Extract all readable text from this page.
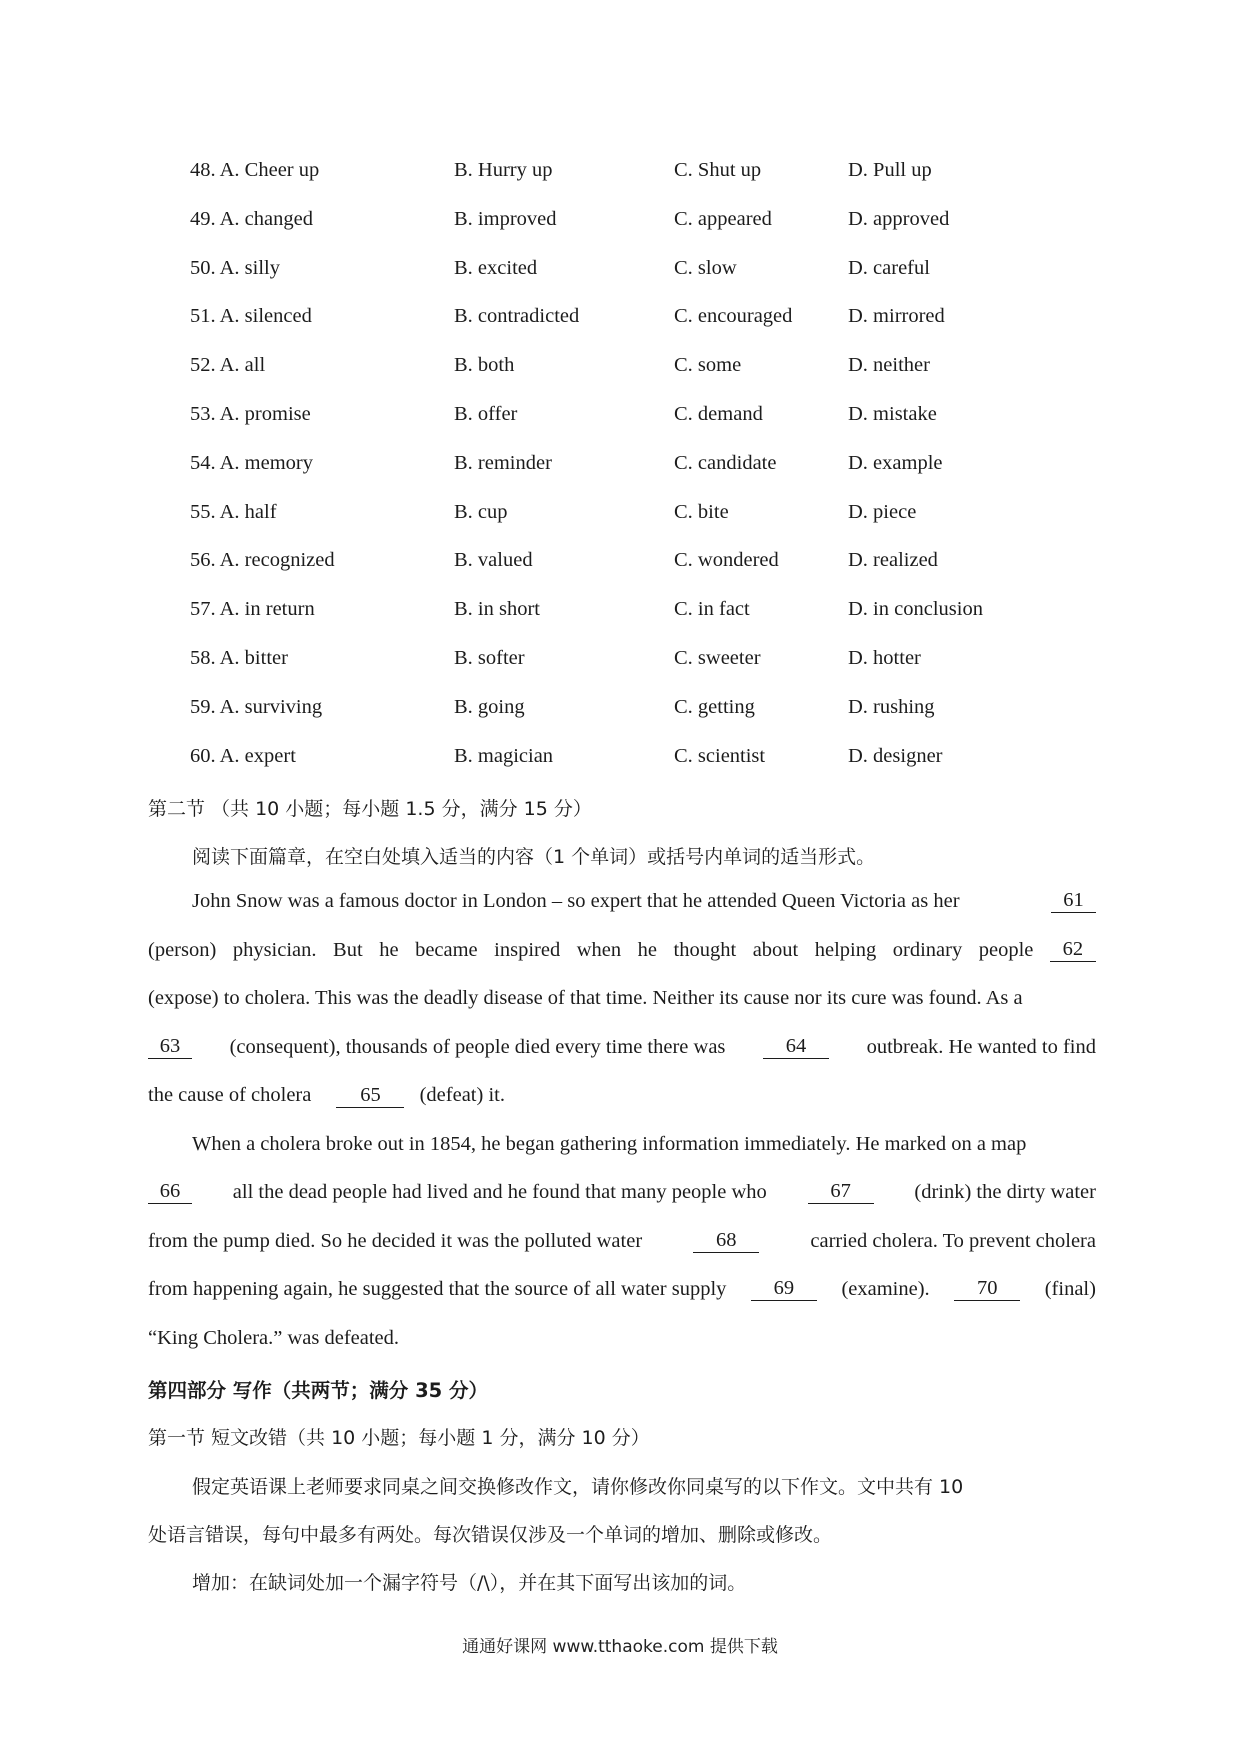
48. A. Cheer up	B. Hurry up	C. Shut up	D. Pull up
49. A. changed	B. improved	C. appeared	D. approved
50. A. silly	B. excited	C. slow	D. careful
51. A. silenced	B. contradicted	C. encouraged	D. mirrored
52. A. all	B. both	C. some	D. neither
53. A. promise	B. offer	C. demand	D. mistake
54. A. memory	B. reminder	C. candidate	D. example
55. A. half	B. cup	C. bite	D. piece
56. A. recognized	B. valued	C. wondered	D. realized
57. A. in return	B. in short	C. in fact	D. in conclusion
58. A. bitter	B. softer	C. sweeter	D. hotter
59. A. surviving	B. going	C. getting	D. rushing
60. A. expert	B. magician	C. scientist	D. designer
第二节 （共 10 小题；每小题 1.5 分，满分 15 分）
阅读下面篇章，在空白处填入适当的内容（1 个单词）或括号内单词的适当形式。
John Snow was a famous doctor in London – so expert that he attended Queen Victoria as her	61
(person) physician. But he became inspired when he thought about helping ordinary people	62
(expose) to cholera. This was the deadly disease of that time. Neither its cause nor its cure was found. As a
63	(consequent), thousands of people died every time there was	64	outbreak. He wanted to find
the cause of cholera 65 (defeat) it.
When a cholera broke out in 1854, he began gathering information immediately. He marked on a map
66	all the dead people had lived and he found that many people who	67	(drink) the dirty water
from the pump died. So he decided it was the polluted water	68	carried cholera. To prevent cholera
from happening again, he suggested that the source of all water supply	69	(examine).	70	(final)
“King Cholera.” was defeated.
第四部分 写作（共两节；满分 35 分）
第一节 短文改错（共 10 小题；每小题 1 分，满分 10 分）
假定英语课上老师要求同桌之间交换修改作文，请你修改你同桌写的以下作文。文中共有 10
处语言错误，每句中最多有两处。每次错误仅涉及一个单词的增加、删除或修改。
增加：在缺词处加一个漏字符号（/\），并在其下面写出该加的词。
通通好课网 www.tthaoke.com 提供下载
